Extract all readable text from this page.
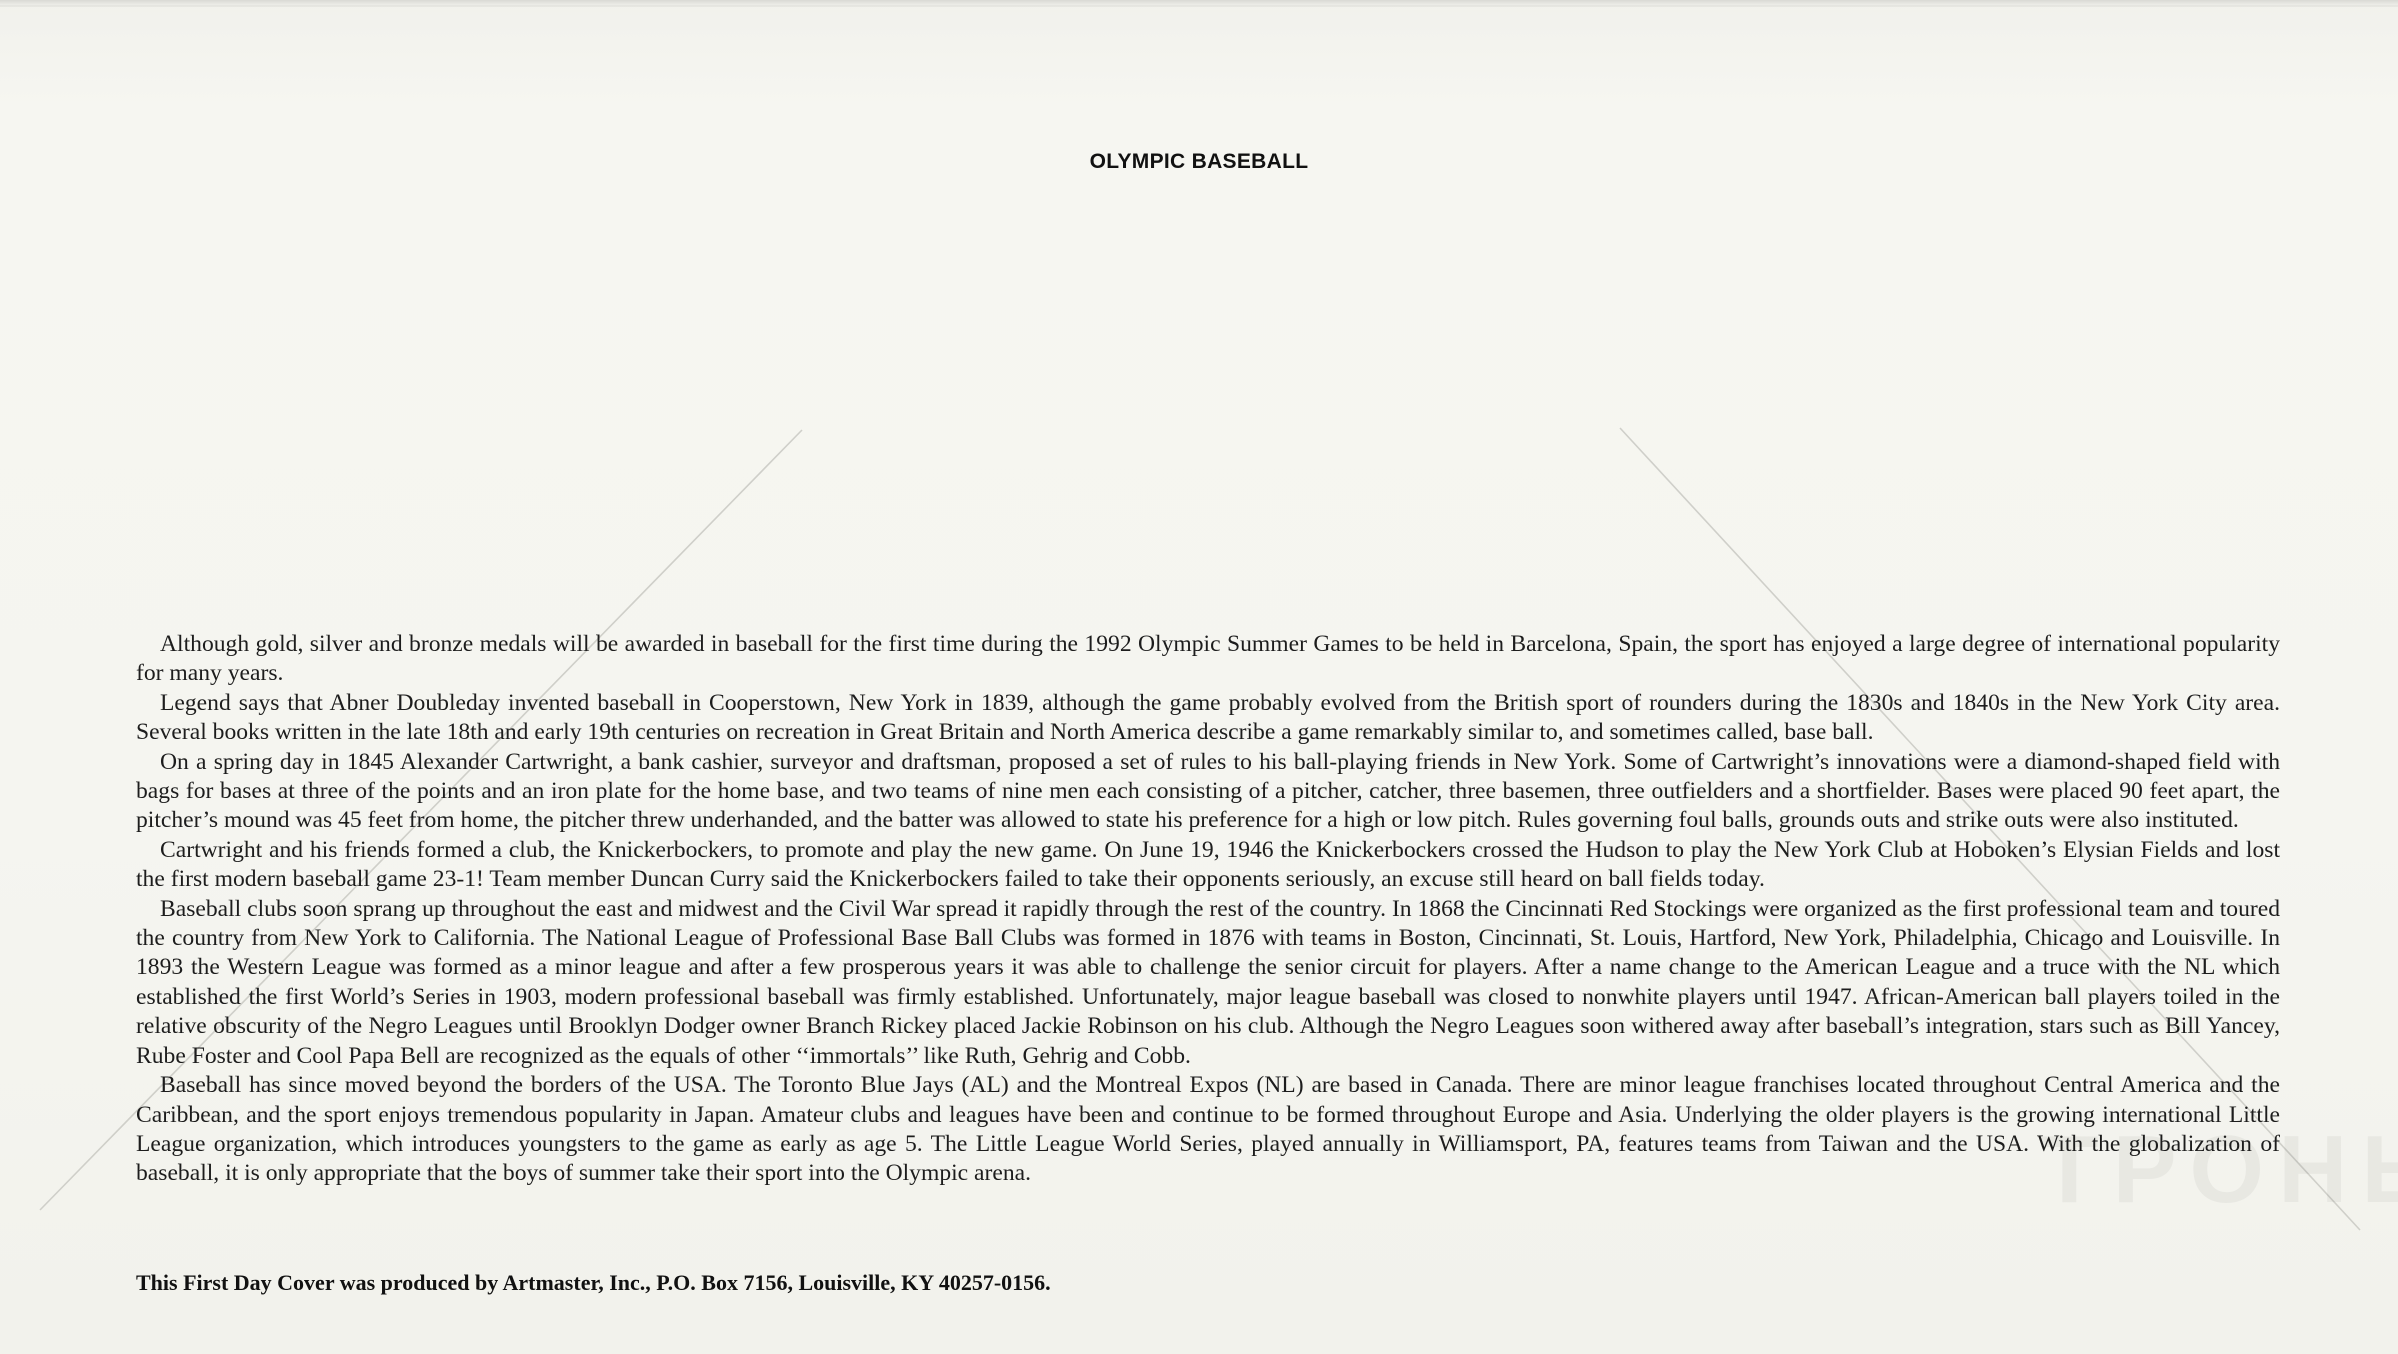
OLYMPIC BASEBALL

Although gold, silver and bronze medals will be awarded in baseball for the first time during the 1992 Olympic Summer Games to be held in Barcelona, Spain, the sport has enjoyed a large degree of international popularity for many years.

Legend says that Abner Doubleday invented baseball in Cooperstown, New York in 1839, although the game probably evolved from the British sport of rounders during the 1830s and 1840s in the New York City area. Several books written in the late 18th and early 19th centuries on recreation in Great Britain and North America describe a game remarkably similar to, and sometimes called, base ball.

On a spring day in 1845 Alexander Cartwright, a bank cashier, surveyor and draftsman, proposed a set of rules to his ball-playing friends in New York. Some of Cartwright’s innovations were a diamond-shaped field with bags for bases at three of the points and an iron plate for the home base, and two teams of nine men each consisting of a pitcher, catcher, three basemen, three outfielders and a shortfielder. Bases were placed 90 feet apart, the pitcher’s mound was 45 feet from home, the pitcher threw underhanded, and the batter was allowed to state his preference for a high or low pitch. Rules governing foul balls, grounds outs and strike outs were also instituted.

Cartwright and his friends formed a club, the Knickerbockers, to promote and play the new game. On June 19, 1946 the Knickerbockers crossed the Hudson to play the New York Club at Hoboken’s Elysian Fields and lost the first modern baseball game 23-1! Team member Duncan Curry said the Knickerbockers failed to take their opponents seriously, an excuse still heard on ball fields today.

Baseball clubs soon sprang up throughout the east and midwest and the Civil War spread it rapidly through the rest of the country. In 1868 the Cincinnati Red Stockings were organized as the first professional team and toured the country from New York to California. The National League of Professional Base Ball Clubs was formed in 1876 with teams in Boston, Cincinnati, St. Louis, Hartford, New York, Philadelphia, Chicago and Louisville. In 1893 the Western League was formed as a minor league and after a few prosperous years it was able to challenge the senior circuit for players. After a name change to the American League and a truce with the NL which established the first World’s Series in 1903, modern professional baseball was firmly established. Unfortunately, major league baseball was closed to nonwhite players until 1947. African-American ball players toiled in the relative obscurity of the Negro Leagues until Brooklyn Dodger owner Branch Rickey placed Jackie Robinson on his club. Although the Negro Leagues soon withered away after baseball’s integration, stars such as Bill Yancey, Rube Foster and Cool Papa Bell are recognized as the equals of other ‘‘immortals’’ like Ruth, Gehrig and Cobb.

Baseball has since moved beyond the borders of the USA. The Toronto Blue Jays (AL) and the Montreal Expos (NL) are based in Canada. There are minor league franchises located throughout Central America and the Caribbean, and the sport enjoys tremendous popularity in Japan. Amateur clubs and leagues have been and continue to be formed throughout Europe and Asia. Underlying the older players is the growing international Little League organization, which introduces youngsters to the game as early as age 5. The Little League World Series, played annually in Williamsport, PA, features teams from Taiwan and the USA. With the globalization of baseball, it is only appropriate that the boys of summer take their sport into the Olympic arena.

This First Day Cover was produced by Artmaster, Inc., P.O. Box 7156, Louisville, KY 40257-0156.
